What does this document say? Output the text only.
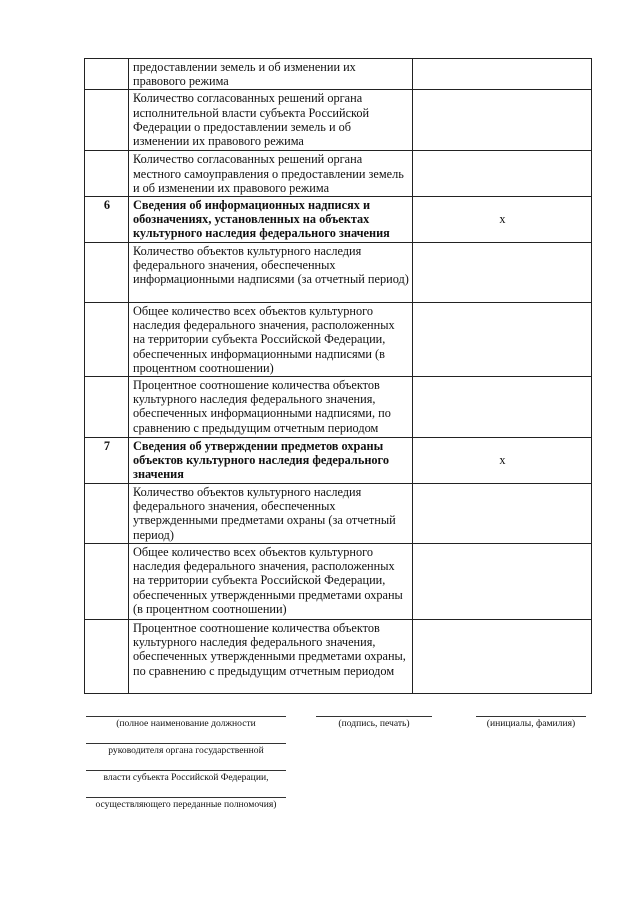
	предоставлении земель и об изменении их правового режима	
	Количество согласованных решений органа исполнительной власти субъекта Российской Федерации о предоставлении земель и об изменении их правового режима	
	Количество согласованных решений органа местного самоуправления о предоставлении земель и об изменении их правового режима	
6	Сведения об информационных надписях и обозначениях, установленных на объектах культурного наследия федерального значения	x
	Количество объектов культурного наследия федерального значения, обеспеченных информационными надписями (за отчетный период)	
	Общее количество всех объектов культурного наследия федерального значения, расположенных на территории субъекта Российской Федерации, обеспеченных информационными надписями (в процентном соотношении)	
	Процентное соотношение количества объектов культурного наследия федерального значения, обеспеченных информационными надписями, по сравнению с предыдущим отчетным периодом	
7	Сведения об утверждении предметов охраны объектов культурного наследия федерального значения	x
	Количество объектов культурного наследия федерального значения, обеспеченных утвержденными предметами охраны (за отчетный период)	
	Общее количество всех объектов культурного наследия федерального значения, расположенных на территории субъекта Российской Федерации, обеспеченных утвержденными предметами охраны (в процентном соотношении)	
	Процентное соотношение количества объектов культурного наследия федерального значения, обеспеченных утвержденными предметами охраны, по сравнению с предыдущим отчетным периодом	
(полное наименование должности	(подпись, печать)	(инициалы, фамилия)
руководителя органа государственной
власти субъекта Российской Федерации,
осуществляющего переданные полномочия)
